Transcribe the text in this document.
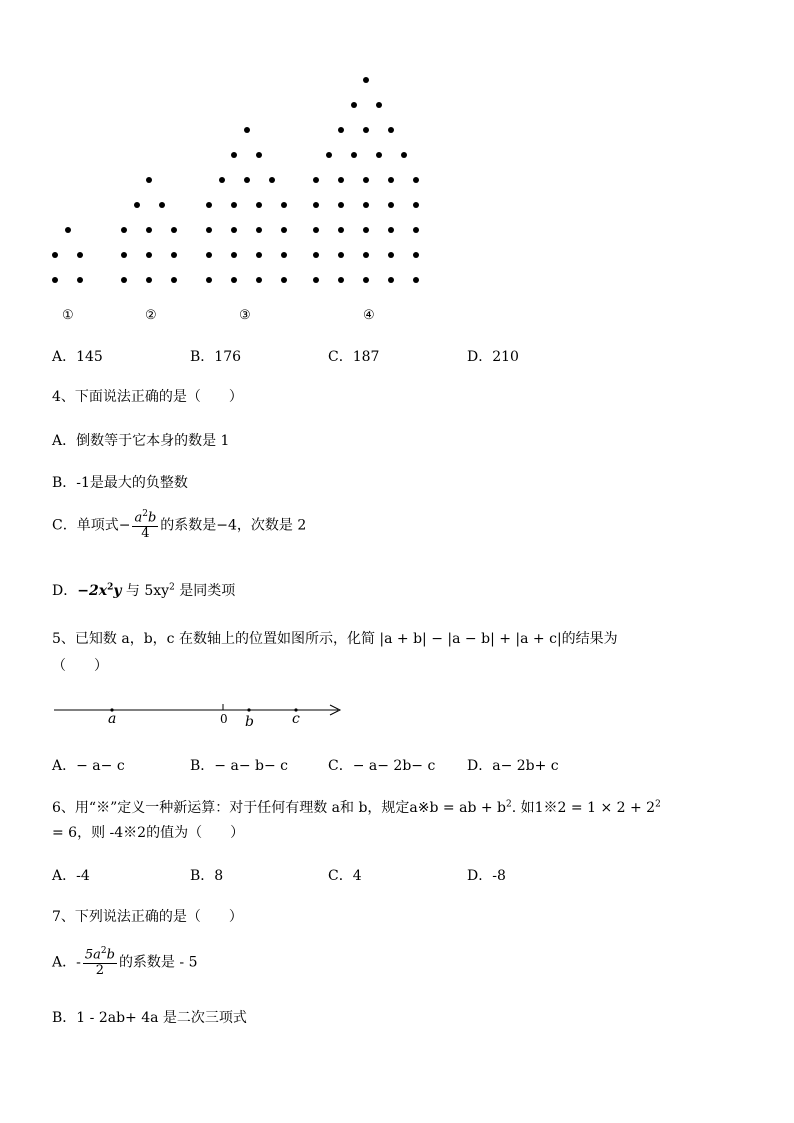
①	②	③	④
A．145	B．176	C．187	D．210
4、下面说法正确的是（　　）
A．倒数等于它本身的数是 1
B．-1是最大的负整数
C．单项式− $\frac{a^2b}{4}$ 的系数是−4，次数是 2
D．$-2x^2y$ 与 $5xy^2$ 是同类项
5、已知数 a，b，c 在数轴上的位置如图所示，化简 |a + b| − |a − b| + |a + c|的结果为
（　　）
a	0 b	c
A．− a− c	B．− a− b− c	C．− a− 2b− c D．a− 2b+ c
6、用“※”定义一种新运算：对于任何有理数 a和 b，规定a※b = ab + $b^2$. 如1※2 = $1 \times 2 + 2^2$
= 6，则 -4※2的值为（　　）
A．-4	B．8	C．4	D．-8
7、下列说法正确的是（　　）
A．- $\frac{5a^2b}{2}$ 的系数是 - 5
B．1 - 2ab+ 4a 是二次三项式
